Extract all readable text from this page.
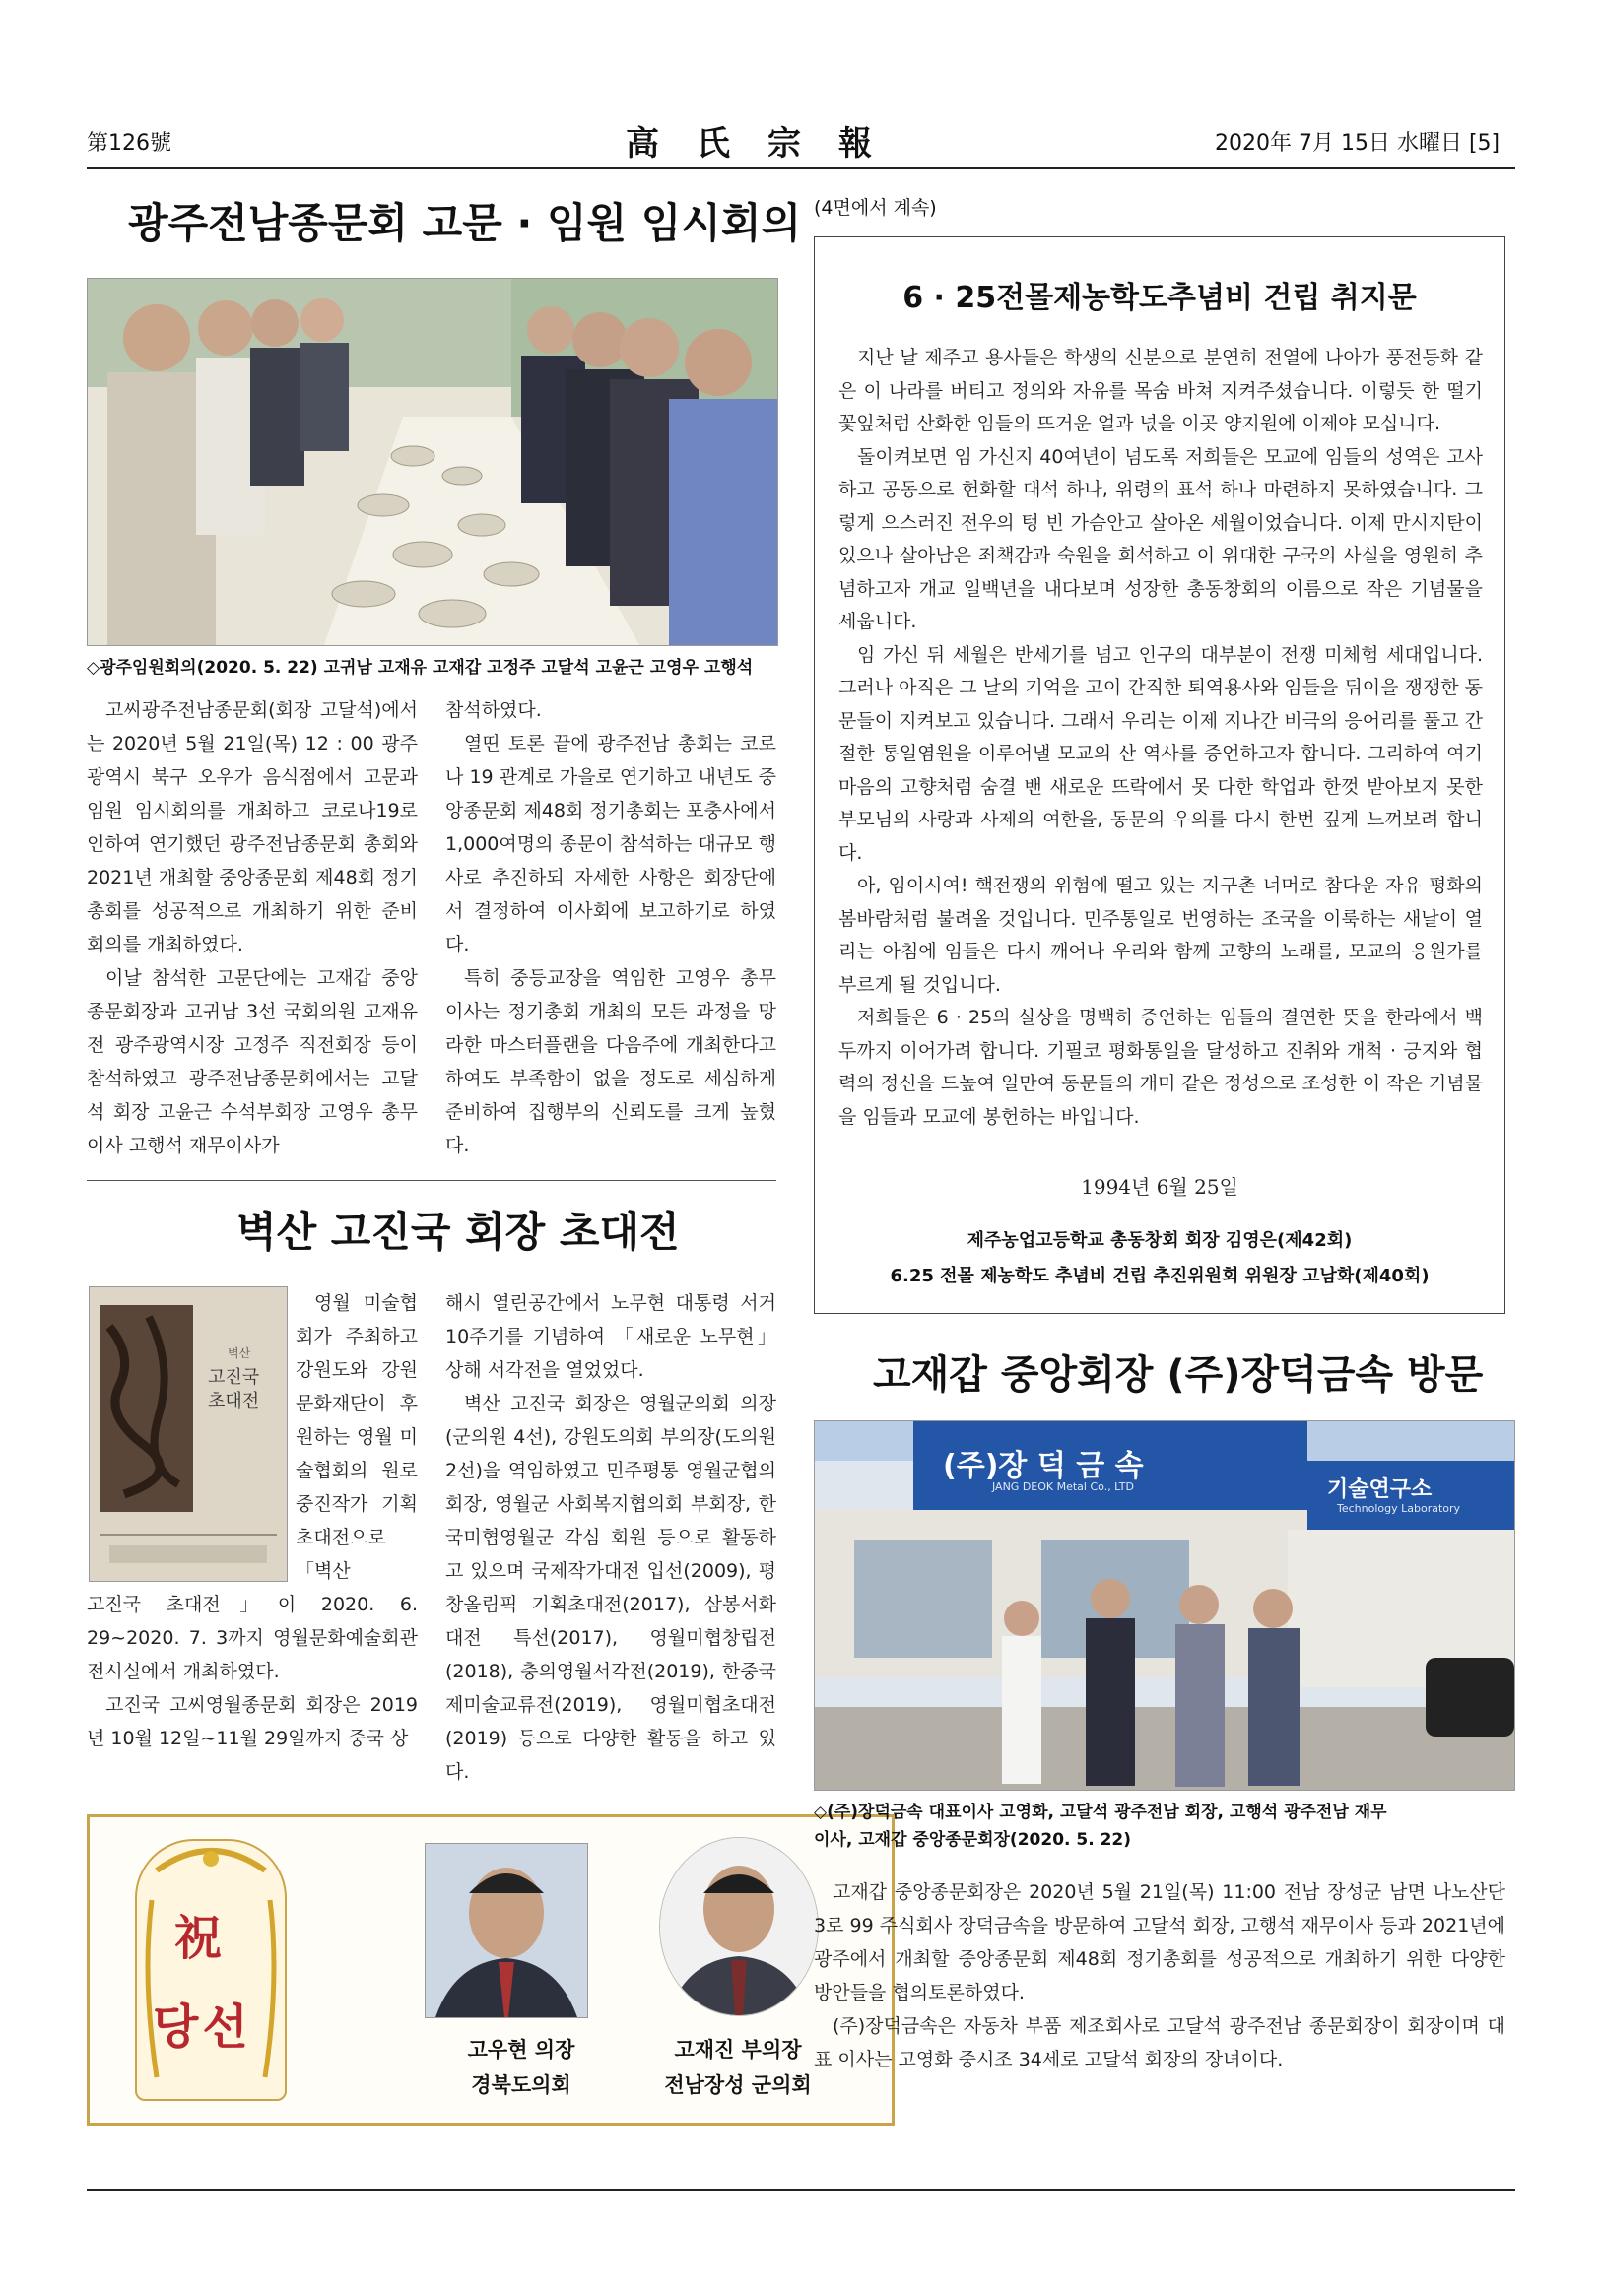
第126號	高氏宗報	2020年 7月 15日 水曜日 [5]
광주전남종문회 고문 · 임원 임시회의

◇광주임원회의(2020. 5. 22) 고귀남 고재유 고재갑 고정주 고달석 고윤근 고영우 고행석

고씨광주전남종문회(회장 고달석)에서는 2020년 5월 21일(목) 12 : 00 광주광역시 북구 오우가 음식점에서 고문과 임원 임시회의를 개최하고 코로나19로 인하여 연기했던 광주전남종문회 총회와 2021년 개최할 중앙종문회 제48회 정기총회를 성공적으로 개최하기 위한 준비 회의를 개최하였다.

이날 참석한 고문단에는 고재갑 중앙종문회장과 고귀남 3선 국회의원 고재유 전 광주광역시장 고정주 직전회장 등이 참석하였고 광주전남종문회에서는 고달석 회장 고윤근 수석부회장 고영우 총무이사 고행석 재무이사가

참석하였다.

열띤 토론 끝에 광주전남 총회는 코로나 19 관계로 가을로 연기하고 내년도 중앙종문회 제48회 정기총회는 포충사에서 1,000여명의 종문이 참석하는 대규모 행사로 추진하되 자세한 사항은 회장단에서 결정하여 이사회에 보고하기로 하였다.

특히 중등교장을 역임한 고영우 총무이사는 정기총회 개최의 모든 과정을 망라한 마스터플랜을 다음주에 개최한다고 하여도 부족함이 없을 정도로 세심하게 준비하여 집행부의 신뢰도를 크게 높혔다.

벽산 고진국 회장 초대전
고진국 초대전
벽산

영월 미술협회가 주최하고 강원도와 강원문화재단이 후원하는 영월 미술협회의 원로 중진작가 기획초대전으로 「벽산

고진국 초대전」이 2020. 6. 29~2020. 7. 3까지 영월문화예술회관 전시실에서 개최하였다.

고진국 고씨영월종문회 회장은 2019년 10월 12일~11월 29일까지 중국 상

해시 열린공간에서 노무현 대통령 서거 10주기를 기념하여 「새로운 노무현」 상해 서각전을 열었었다.

벽산 고진국 회장은 영월군의회 의장(군의원 4선), 강원도의회 부의장(도의원 2선)을 역임하였고 민주평통 영월군협의회장, 영월군 사회복지협의회 부회장, 한국미협영월군 각심 회원 등으로 활동하고 있으며 국제작가대전 입선(2009), 평창올림픽 기획초대전(2017), 삼봉서화대전 특선(2017), 영월미협창립전(2018), 충의영월서각전(2019), 한중국제미술교류전(2019), 영월미협초대전(2019) 등으로 다양한 활동을 하고 있다.

祝
당선	고우현 의장
경북도의회
고재진 부의장
전남장성 군의회
(4면에서 계속)
6 · 25전몰제농학도추념비 건립 취지문

지난 날 제주고 용사들은 학생의 신분으로 분연히 전열에 나아가 풍전등화 같은 이 나라를 버티고 정의와 자유를 목숨 바쳐 지켜주셨습니다. 이렇듯 한 떨기 꽃잎처럼 산화한 임들의 뜨거운 얼과 넋을 이곳 양지원에 이제야 모십니다.

돌이켜보면 임 가신지 40여년이 넘도록 저희들은 모교에 임들의 성역은 고사하고 공동으로 헌화할 대석 하나, 위령의 표석 하나 마련하지 못하였습니다. 그렇게 으스러진 전우의 텅 빈 가슴안고 살아온 세월이었습니다. 이제 만시지탄이 있으나 살아남은 죄책감과 숙원을 희석하고 이 위대한 구국의 사실을 영원히 추념하고자 개교 일백년을 내다보며 성장한 총동창회의 이름으로 작은 기념물을 세웁니다.

임 가신 뒤 세월은 반세기를 넘고 인구의 대부분이 전쟁 미체험 세대입니다. 그러나 아직은 그 날의 기억을 고이 간직한 퇴역용사와 임들을 뒤이을 쟁쟁한 동문들이 지켜보고 있습니다. 그래서 우리는 이제 지나간 비극의 응어리를 풀고 간절한 통일염원을 이루어낼 모교의 산 역사를 증언하고자 합니다. 그리하여 여기 마음의 고향처럼 숨결 밴 새로운 뜨락에서 못 다한 학업과 한껏 받아보지 못한 부모님의 사랑과 사제의 여한을, 동문의 우의를 다시 한번 깊게 느껴보려 합니다.

아, 임이시여! 핵전쟁의 위험에 떨고 있는 지구촌 너머로 참다운 자유 평화의 봄바람처럼 불려올 것입니다. 민주통일로 번영하는 조국을 이룩하는 새날이 열리는 아침에 임들은 다시 깨어나 우리와 함께 고향의 노래를, 모교의 응원가를 부르게 될 것입니다.

저희들은 6 · 25의 실상을 명백히 증언하는 임들의 결연한 뜻을 한라에서 백두까지 이어가려 합니다. 기필코 평화통일을 달성하고 진취와 개척 · 긍지와 협력의 정신을 드높여 일만여 동문들의 개미 같은 정성으로 조성한 이 작은 기념물을 임들과 모교에 봉헌하는 바입니다.

1994년 6월 25일
제주농업고등학교 총동창회 회장 김영은(제42회)
6.25 전몰 제농학도 추념비 건립 추진위원회 위원장 고남화(제40회)
고재갑 중앙회장 (주)장덕금속 방문
(주)장 덕 금 속
JANG DEOK Metal Co., LTD	기술연구소
Technology Laboratory

◇(주)장덕금속 대표이사 고영화, 고달석 광주전남 회장, 고행석 광주전남 재무
이사, 고재갑 중앙종문회장(2020. 5. 22)

고재갑 중앙종문회장은 2020년 5월 21일(목) 11:00 전남 장성군 남면 나노산단 3로 99 주식회사 장덕금속을 방문하여 고달석 회장, 고행석 재무이사 등과 2021년에 광주에서 개최할 중앙종문회 제48회 정기총회를 성공적으로 개최하기 위한 다양한 방안들을 협의토론하였다.

(주)장덕금속은 자동차 부품 제조회사로 고달석 광주전남 종문회장이 회장이며 대표 이사는 고영화 중시조 34세로 고달석 회장의 장녀이다.
